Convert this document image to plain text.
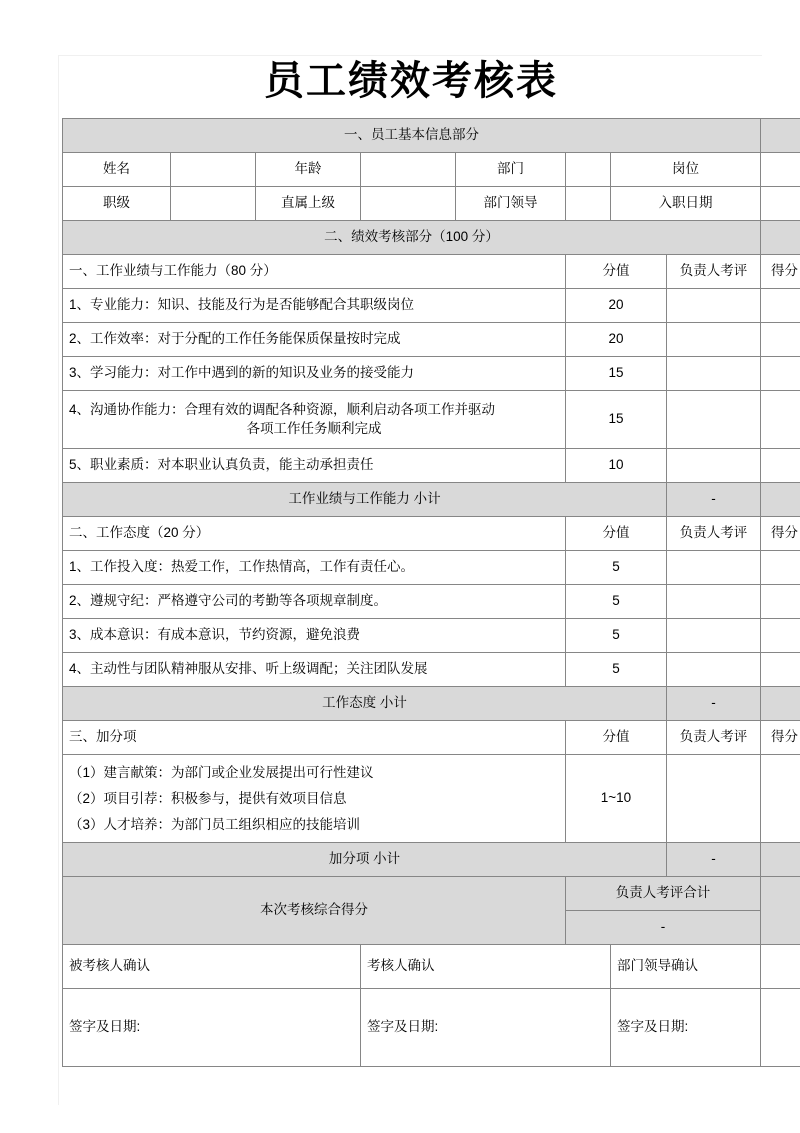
员工绩效考核表
一、员工基本信息部分								
姓名		年龄		部门		岗位		
职级		直属上级		部门领导		入职日期		
二、绩效考核部分（100 分）								
一、工作业绩与工作能力（80 分）					分值		负责人考评	得分
1、专业能力：知识、技能及行为是否能够配合其职级岗位					20			
2、工作效率：对于分配的工作任务能保质保量按时完成					20			
3、学习能力：对工作中遇到的新的知识及业务的接受能力					15			
4、沟通协作能力：合理有效的调配各种资源，顺利启动各项工作并驱动
各项工作任务顺利完成					15			
5、职业素质：对本职业认真负责，能主动承担责任					10			
工作业绩与工作能力 小计							-	
二、工作态度（20 分）					分值		负责人考评	得分
1、工作投入度：热爱工作，工作热情高，工作有责任心。					5			
2、遵规守纪：严格遵守公司的考勤等各项规章制度。					5			
3、成本意识：有成本意识，节约资源，避免浪费					5			
4、主动性与团队精神服从安排、听上级调配；关注团队发展					5			
工作态度 小计							-	
三、加分项					分值		负责人考评	得分

（1）建言献策：为部门或企业发展提出可行性建议
（2）项目引荐：积极参与，提供有效项目信息
（3）人才培养：为部门员工组织相应的技能培训					1~10			
加分项 小计							-	
本次考核综合得分					负责人考评合计			
					-			
被考核人确认			考核人确认			部门领导确认		
签字及日期:			签字及日期:			签字及日期:		
